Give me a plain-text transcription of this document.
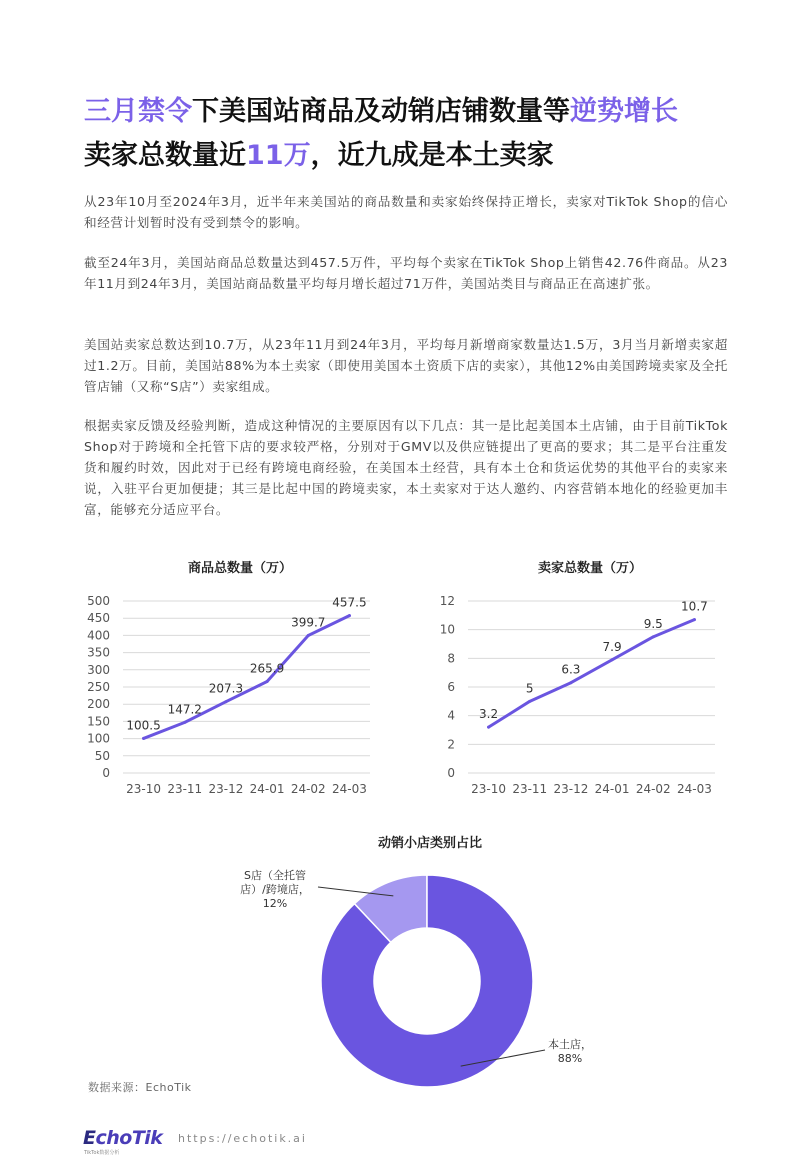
三月禁令下美国站商品及动销店铺数量等逆势增长
卖家总数量近11万，近九成是本土卖家

从23年10月至2024年3月，近半年来美国站的商品数量和卖家始终保持正增长，卖家对TikTok Shop的信心和经营计划暂时没有受到禁令的影响。

截至24年3月，美国站商品总数量达到457.5万件，平均每个卖家在TikTok Shop上销售42.76件商品。从23年11月到24年3月，美国站商品数量平均每月增长超过71万件，美国站类目与商品正在高速扩张。

美国站卖家总数达到10.7万，从23年11月到24年3月，平均每月新增商家数量达1.5万，3月当月新增卖家超过1.2万。目前，美国站88%为本土卖家（即使用美国本土资质下店的卖家），其他12%由美国跨境卖家及全托管店铺（又称“S店”）卖家组成。

根据卖家反馈及经验判断，造成这种情况的主要原因有以下几点：其一是比起美国本土店铺，由于目前TikTok Shop对于跨境和全托管下店的要求较严格，分别对于GMV以及供应链提出了更高的要求；其二是平台注重发货和履约时效，因此对于已经有跨境电商经验，在美国本土经营，具有本土仓和货运优势的其他平台的卖家来说，入驻平台更加便捷；其三是比起中国的跨境卖家，本土卖家对于达人邀约、内容营销本地化的经验更加丰富，能够充分适应平台。

商品总数量（万）
0
50
100
150
200
250
300
350
400
450
500
23-10 23-11 23-12 24-01 24-02 24-03
100.5
147.2
207.3
265.9
399.7
457.5
卖家总数量（万）
0
2
4
6
8
10
12
23-10 23-11 23-12 24-01 24-02 24-03
3.2
5
6.3
7.9
9.5
10.7
动销小店类别占比
S店（全托管
店）/跨境店，
12%
本土店，
88%
数据来源：EchoTik
EchoTik
TikTok数据分析
https://echotik.ai
